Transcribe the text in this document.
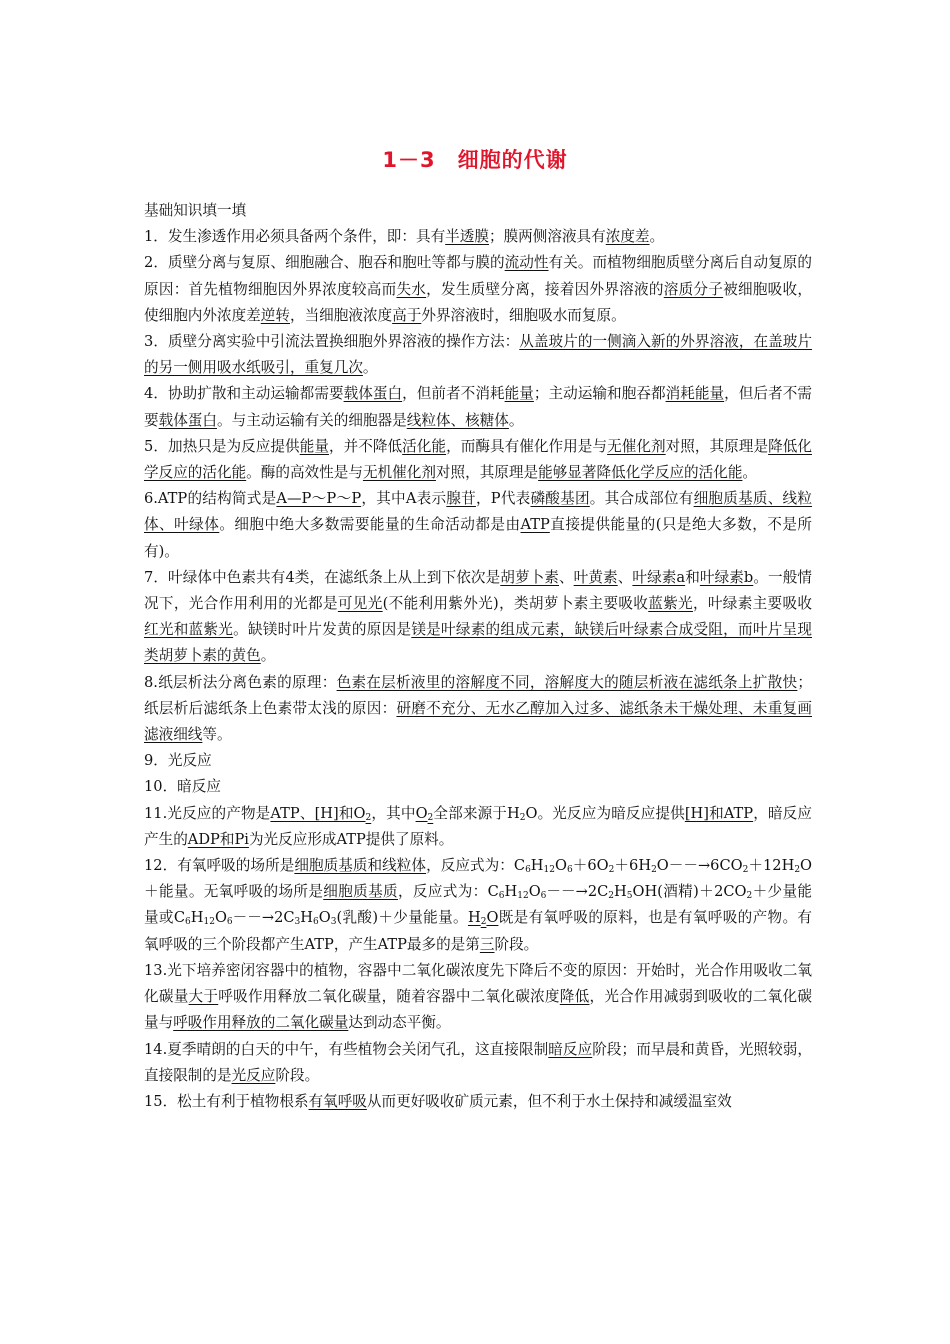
1－3　细胞的代谢

基础知识填一填

1．发生渗透作用必须具备两个条件，即：具有半透膜；膜两侧溶液具有浓度差。

2．质壁分离与复原、细胞融合、胞吞和胞吐等都与膜的流动性有关。而植物细胞质壁分离后自动复原的原因：首先植物细胞因外界浓度较高而失水，发生质壁分离，接着因外界溶液的溶质分子被细胞吸收，使细胞内外浓度差逆转，当细胞液浓度高于外界溶液时，细胞吸水而复原。

3．质壁分离实验中引流法置换细胞外界溶液的操作方法：从盖玻片的一侧滴入新的外界溶液，在盖玻片的另一侧用吸水纸吸引，重复几次。

4．协助扩散和主动运输都需要载体蛋白，但前者不消耗能量；主动运输和胞吞都消耗能量，但后者不需要载体蛋白。与主动运输有关的细胞器是线粒体、核糖体。

5．加热只是为反应提供能量，并不降低活化能，而酶具有催化作用是与无催化剂对照，其原理是降低化学反应的活化能。酶的高效性是与无机催化剂对照，其原理是能够显著降低化学反应的活化能。

6.ATP的结构简式是A—P～P～P，其中A表示腺苷，P代表磷酸基团。其合成部位有细胞质基质、线粒体、叶绿体。细胞中绝大多数需要能量的生命活动都是由ATP直接提供能量的(只是绝大多数，不是所有)。

7．叶绿体中色素共有4类，在滤纸条上从上到下依次是胡萝卜素、叶黄素、叶绿素a和叶绿素b。一般情况下，光合作用利用的光都是可见光(不能利用紫外光)，类胡萝卜素主要吸收蓝紫光，叶绿素主要吸收红光和蓝紫光。缺镁时叶片发黄的原因是镁是叶绿素的组成元素，缺镁后叶绿素合成受阻，而叶片呈现类胡萝卜素的黄色。

8.纸层析法分离色素的原理：色素在层析液里的溶解度不同，溶解度大的随层析液在滤纸条上扩散快；纸层析后滤纸条上色素带太浅的原因：研磨不充分、无水乙醇加入过多、滤纸条未干燥处理、未重复画滤液细线等。

9．光反应

10．暗反应

11.光反应的产物是ATP、[H]和$O_2$，其中$O_2$全部来源于$H_2O$。光反应为暗反应提供[H]和ATP，暗反应产生的ADP和Pi为光反应形成ATP提供了原料。

12．有氧呼吸的场所是细胞质基质和线粒体，反应式为：$C_6H_{12}O_6+6O_2+6H_2O--\to 6CO_2+12H_2O+$能量。无氧呼吸的场所是细胞质基质，反应式为：$C_6H_{12}O_6--\to 2C_2H_5OH$(酒精)$+2CO_2+$少量能量或$C_6H_{12}O_6--\to 2C_3H_6O_3$(乳酸)＋少量能量。$H_2O$既是有氧呼吸的原料，也是有氧呼吸的产物。有氧呼吸的三个阶段都产生ATP，产生ATP最多的是第三阶段。

13.光下培养密闭容器中的植物，容器中二氧化碳浓度先下降后不变的原因：开始时，光合作用吸收二氧化碳量大于呼吸作用释放二氧化碳量，随着容器中二氧化碳浓度降低，光合作用减弱到吸收的二氧化碳量与呼吸作用释放的二氧化碳量达到动态平衡。

14.夏季晴朗的白天的中午，有些植物会关闭气孔，这直接限制暗反应阶段；而早晨和黄昏，光照较弱，直接限制的是光反应阶段。

15．松土有利于植物根系有氧呼吸从而更好吸收矿质元素，但不利于水土保持和减缓温室效
